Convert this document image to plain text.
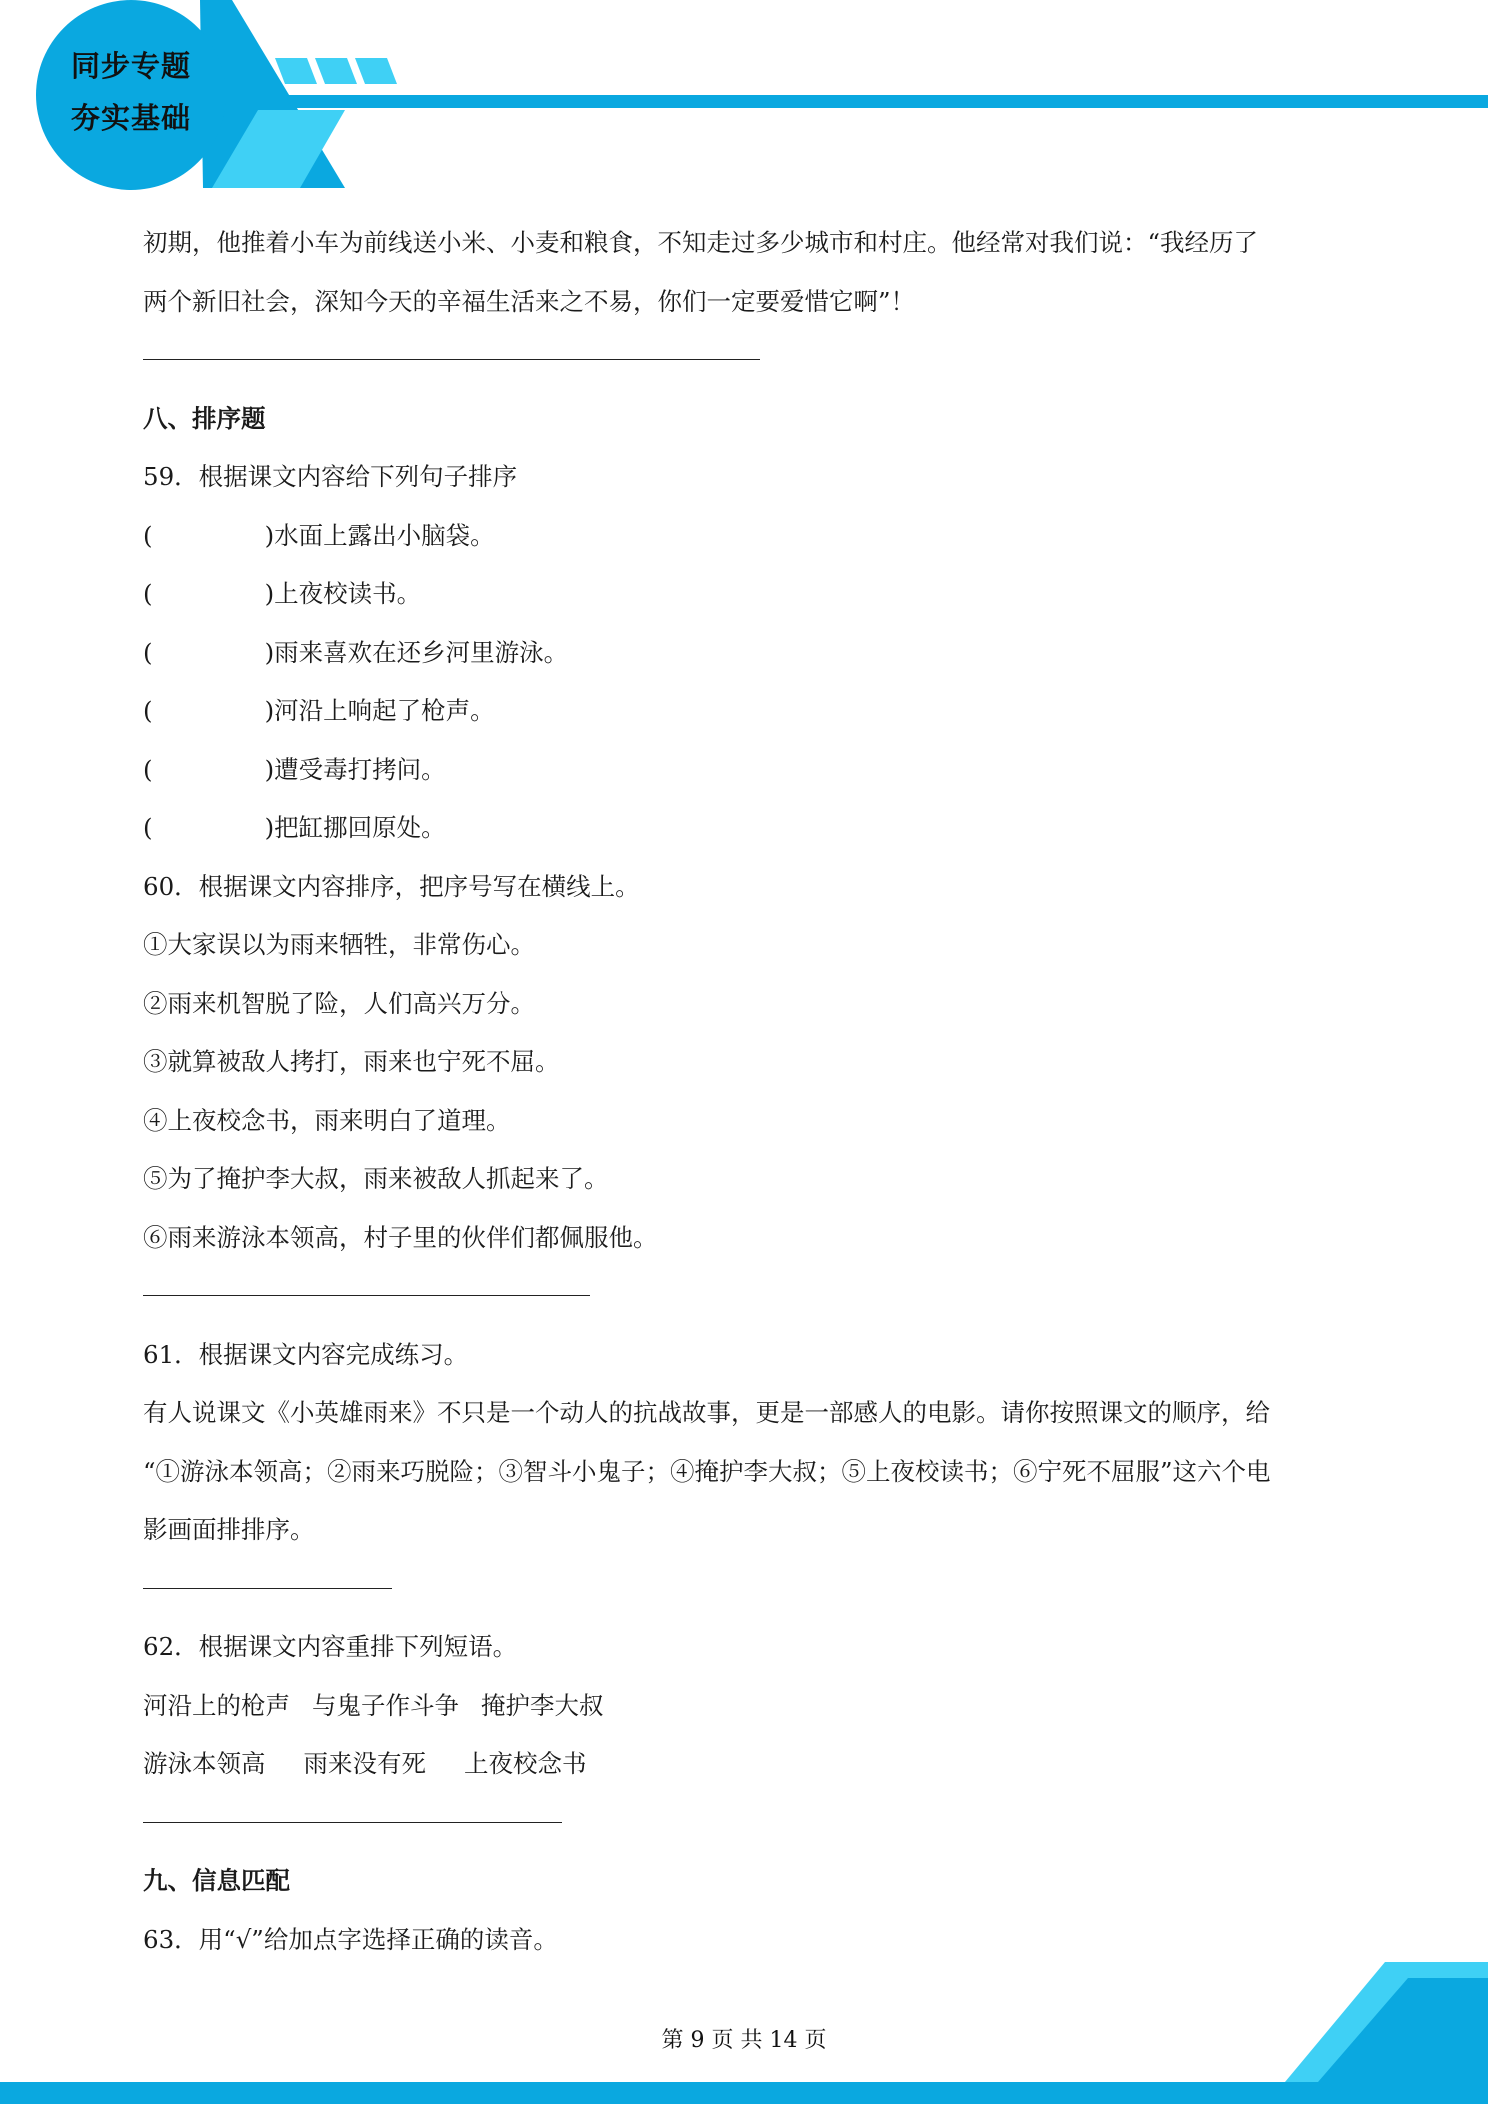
同步专题
夯实基础
初期，他推着小车为前线送小米、小麦和粮食，不知走过多少城市和村庄。他经常对我们说：“我经历了
两个新旧社会，深知今天的辛福生活来之不易，你们一定要爱惜它啊”！
八、排序题
59．根据课文内容给下列句子排序
(	)水面上露出小脑袋。
(	)上夜校读书。
(	)雨来喜欢在还乡河里游泳。
(	)河沿上响起了枪声。
(	)遭受毒打拷问。
(	)把缸挪回原处。
60．根据课文内容排序，把序号写在横线上。
①大家误以为雨来牺牲，非常伤心。
②雨来机智脱了险，人们高兴万分。
③就算被敌人拷打，雨来也宁死不屈。
④上夜校念书，雨来明白了道理。
⑤为了掩护李大叔，雨来被敌人抓起来了。
⑥雨来游泳本领高，村子里的伙伴们都佩服他。
61．根据课文内容完成练习。
有人说课文《小英雄雨来》不只是一个动人的抗战故事，更是一部感人的电影。请你按照课文的顺序，给
“①游泳本领高；②雨来巧脱险；③智斗小鬼子；④掩护李大叔；⑤上夜校读书；⑥宁死不屈服”这六个电
影画面排排序。
62．根据课文内容重排下列短语。
河沿上的枪声 与鬼子作斗争 掩护李大叔
游泳本领高 雨来没有死 上夜校念书
九、信息匹配
63．用“√”给加点字选择正确的读音。
第 9 页 共 14 页
